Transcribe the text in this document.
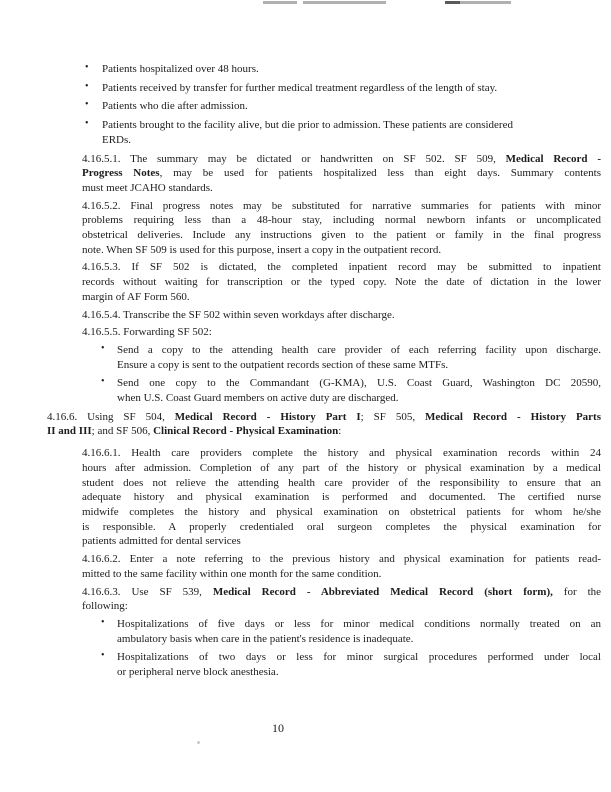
• Patients hospitalized over 48 hours.
• Patients received by transfer for further medical treatment regardless of the length of stay.
• Patients who die after admission.
• Patients brought to the facility alive, but die prior to admission. These patients are considered
ERDs.
4.16.5.1. The summary may be dictated or handwritten on SF 502. SF 509, Medical Record -
Progress Notes, may be used for patients hospitalized less than eight days. Summary contents
must meet JCAHO standards.
4.16.5.2. Final progress notes may be substituted for narrative summaries for patients with minor
problems requiring less than a 48-hour stay, including normal newborn infants or uncomplicated
obstetrical deliveries. Include any instructions given to the patient or family in the final progress
note. When SF 509 is used for this purpose, insert a copy in the outpatient record.
4.16.5.3. If SF 502 is dictated, the completed inpatient record may be submitted to inpatient
records without waiting for transcription or the typed copy. Note the date of dictation in the lower
margin of AF Form 560.
4.16.5.4. Transcribe the SF 502 within seven workdays after discharge.
4.16.5.5. Forwarding SF 502:
• Send a copy to the attending health care provider of each referring facility upon discharge.
Ensure a copy is sent to the outpatient records section of these same MTFs.
• Send one copy to the Commandant (G-KMA), U.S. Coast Guard, Washington DC 20590,
when U.S. Coast Guard members on active duty are discharged.
4.16.6. Using SF 504, Medical Record - History Part I; SF 505, Medical Record - History Parts
II and III; and SF 506, Clinical Record - Physical Examination:
4.16.6.1. Health care providers complete the history and physical examination records within 24
hours after admission. Completion of any part of the history or physical examination by a medical
student does not relieve the attending health care provider of the responsibility to ensure that an
adequate history and physical examination is performed and documented. The certified nurse
midwife completes the history and physical examination on obstetrical patients for whom he/she
is responsible. A properly credentialed oral surgeon completes the physical examination for
patients admitted for dental services
4.16.6.2. Enter a note referring to the previous history and physical examination for patients read-
mitted to the same facility within one month for the same condition.
4.16.6.3. Use SF 539, Medical Record - Abbreviated Medical Record (short form), for the
following:
• Hospitalizations of five days or less for minor medical conditions normally treated on an
ambulatory basis when care in the patient's residence is inadequate.
• Hospitalizations of two days or less for minor surgical procedures performed under local
or peripheral nerve block anesthesia.
10
